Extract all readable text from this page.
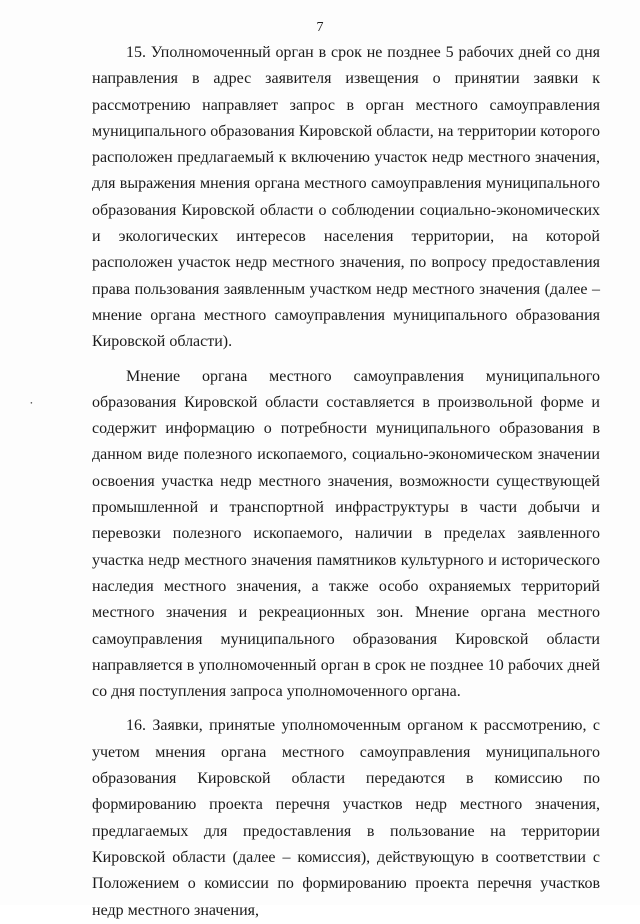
7
ꞏ

15. Уполномоченный орган в срок не позднее 5 рабочих дней со дня направления в адрес заявителя извещения о принятии заявки к рассмотрению направляет запрос в орган местного самоуправления муниципального образования Кировской области, на территории которого расположен предлагаемый к включению участок недр местного значения, для выражения мнения органа местного самоуправления муниципального образования Кировской области о соблюдении социально-экономических и экологических интересов населения территории, на которой расположен участок недр местного значения, по вопросу предоставления права пользования заявленным участком недр местного значения (далее – мнение органа местного самоуправления муниципального образования Кировской области).

Мнение органа местного самоуправления муниципального образования Кировской области составляется в произвольной форме и содержит информацию о потребности муниципального образования в данном виде полезного ископаемого, социально-экономическом значении освоения участка недр местного значения, возможности существующей промышленной и транспортной инфраструктуры в части добычи и перевозки полезного ископаемого, наличии в пределах заявленного участка недр местного значения памятников культурного и исторического наследия местного значения, а также особо охраняемых территорий местного значения и рекреационных зон. Мнение органа местного самоуправления муниципального образования Кировской области направляется в уполномоченный орган в срок не позднее 10 рабочих дней со дня поступления запроса уполномоченного органа.

16. Заявки, принятые уполномоченным органом к рассмотрению, с учетом мнения органа местного самоуправления муниципального образования Кировской области передаются в комиссию по формированию проекта перечня участков недр местного значения, предлагаемых для предоставления в пользование на территории Кировской области (далее – комиссия), действующую в соответствии с Положением о комиссии по формированию проекта перечня участков недр местного значения,
